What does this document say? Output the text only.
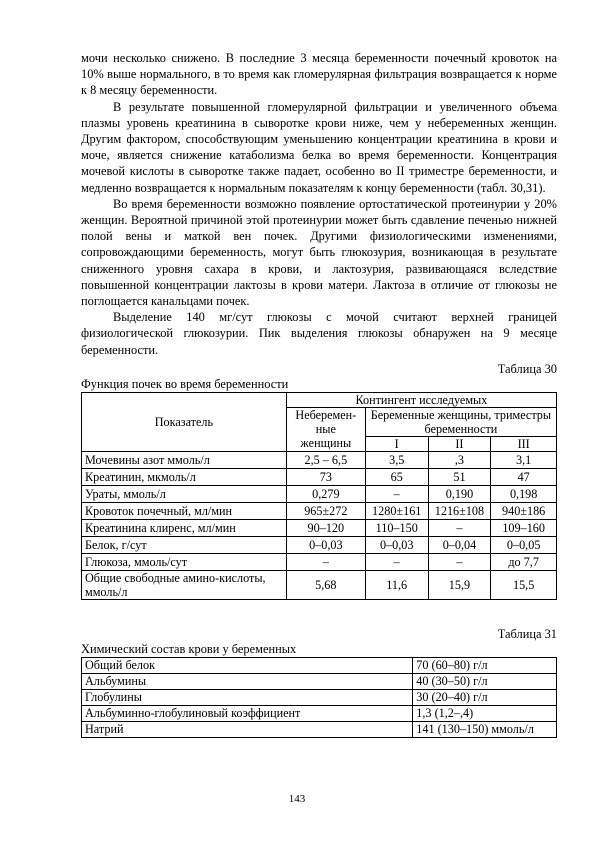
мочи несколько снижено. В последние 3 месяца беременности почечный кровоток на 10% выше нормального, в то время как гломерулярная фильтрация возвращается к норме к 8 месяцу беременности.

В результате повышенной гломерулярной фильтрации и увеличенного объема плазмы уровень креатинина в сыворотке крови ниже, чем у небеременных женщин. Другим фактором, способствующим уменьшению концентрации креатинина в крови и моче, является снижение катаболизма белка во время беременности. Концентрация мочевой кислоты в сыворотке также падает, особенно во II триместре беременности, и медленно возвращается к нормальным показателям к концу беременности (табл. 30,31).

Во время беременности возможно появление ортостатической протеинурии у 20% женщин. Вероятной причиной этой протеинурии может быть сдавление печенью нижней полой вены и маткой вен почек. Другими физиологическими изменениями, сопровождающими беременность, могут быть глюкозурия, возникающая в результате сниженного уровня сахара в крови, и лактозурия, развивающаяся вследствие повышенной концентрации лактозы в крови матери. Лактоза в отличие от глюкозы не поглощается канальцами почек.

Выделение 140 мг/сут глюкозы с мочой считают верхней границей физиологической глюкозурии. Пик выделения глюкозы обнаружен на 9 месяце беременности.

Таблица 30
Функция почек во время беременности
Показатель	Контингент исследуемых			
	Неберемен-ные женщины	Беременные женщины, триместры беременности		
		I	II	III
Мочевины азот ммоль/л	2,5 – 6,5	3,5	,3	3,1
Креатинин, мкмоль/л	73	65	51	47
Ураты, ммоль/л	0,279	–	0,190	0,198
Кровоток почечный, мл/мин	965±272	1280±161	1216±108	940±186
Креатинина клиренс, мл/мин	90–120	110–150	–	109–160
Белок, г/сут	0–0,03	0–0,03	0–0,04	0–0,05
Глюкоза, ммоль/сут	–	–	–	до 7,7
Общие свободные амино-кислоты, ммоль/л	5,68	11,6	15,9	15,5
Таблица 31
Химический состав крови у беременных
Общий белок	70 (60–80) г/л
Альбумины	40 (30–50) г/л
Глобулины	30 (20–40) г/л
Альбуминно-глобулиновый коэффициент	1,3 (1,2–,4)
Натрий	141 (130–150) ммоль/л
143
